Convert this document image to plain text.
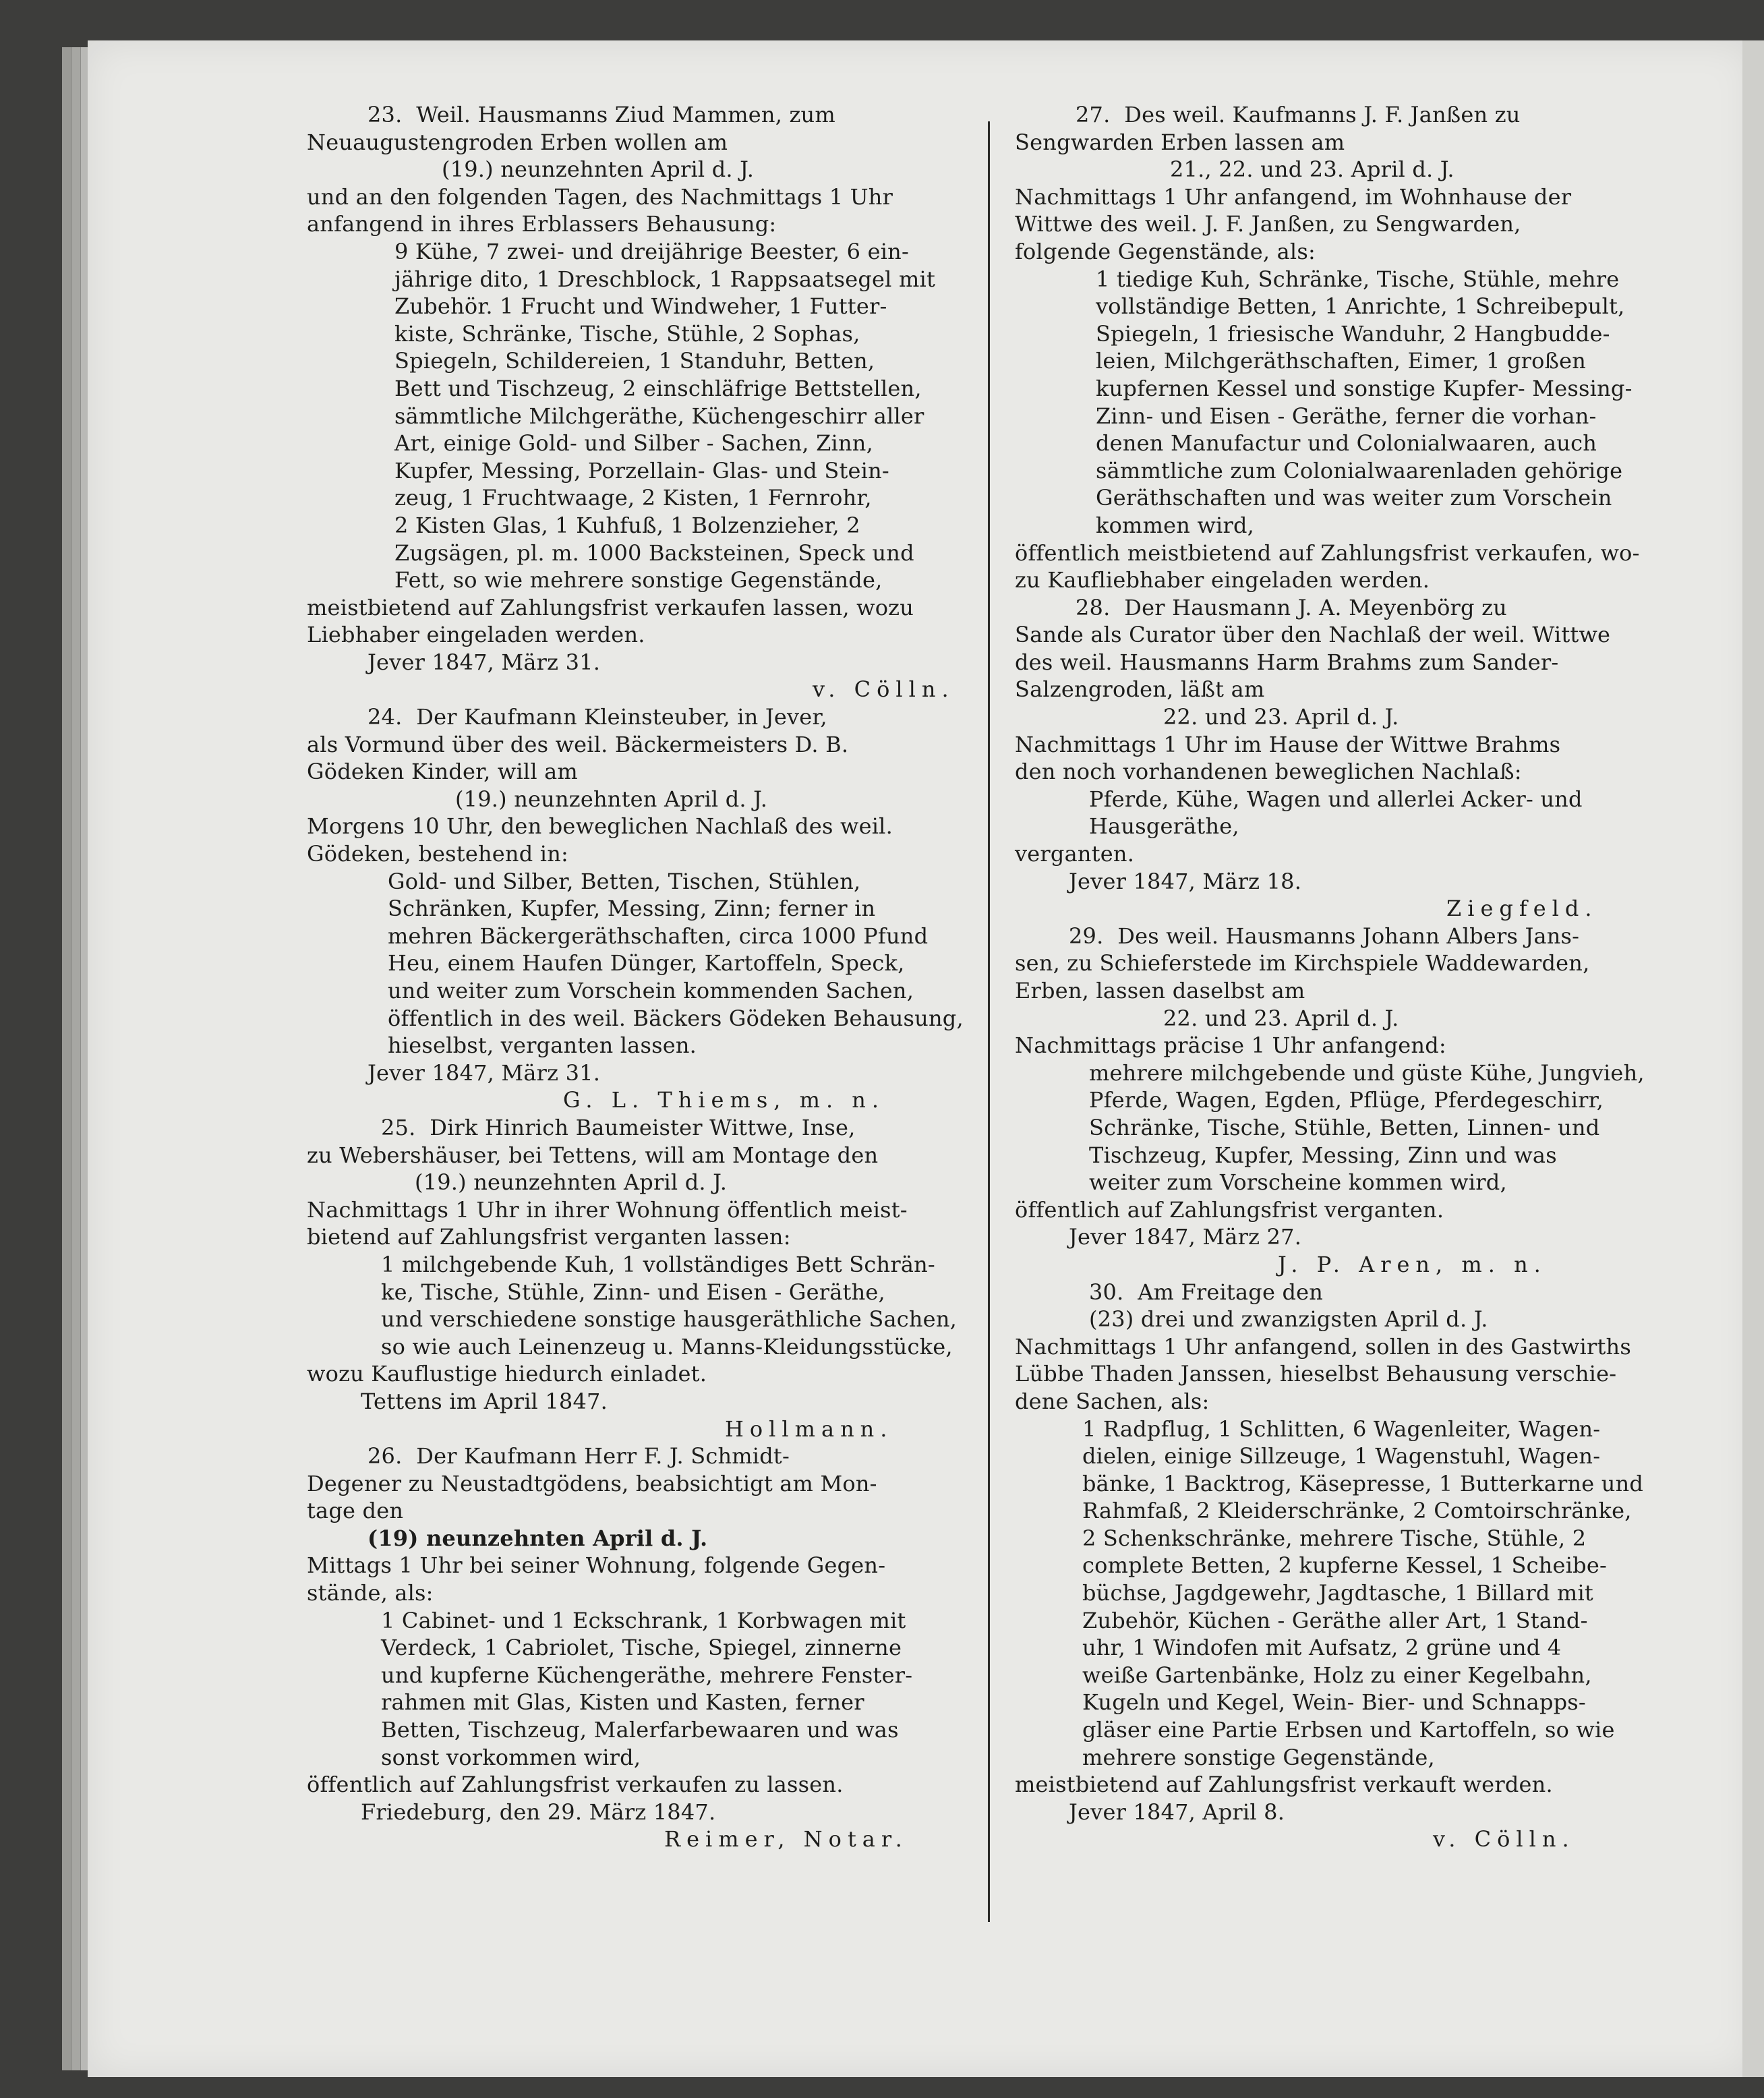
23.  Weil. Hausmanns Ziud Mammen, zum
Neuaugustengroden Erben wollen am
(19.) neunzehnten April d. J.
und an den folgenden Tagen, des Nachmittags 1 Uhr
anfangend in ihres Erblassers Behausung:
9 Kühe, 7 zwei- und dreijährige Beester, 6 ein-
jährige dito, 1 Dreschblock, 1 Rappsaatsegel mit
Zubehör. 1 Frucht und Windweher, 1 Futter-
kiste, Schränke, Tische, Stühle, 2 Sophas,
Spiegeln, Schildereien, 1 Standuhr, Betten,
Bett und Tischzeug, 2 einschläfrige Bettstellen,
sämmtliche Milchgeräthe, Küchengeschirr aller
Art, einige Gold- und Silber - Sachen, Zinn,
Kupfer, Messing, Porzellain- Glas- und Stein-
zeug, 1 Fruchtwaage, 2 Kisten, 1 Fernrohr,
2 Kisten Glas, 1 Kuhfuß, 1 Bolzenzieher, 2
Zugsägen, pl. m. 1000 Backsteinen, Speck und
Fett, so wie mehrere sonstige Gegenstände,
meistbietend auf Zahlungsfrist verkaufen lassen, wozu
Liebhaber eingeladen werden.
Jever 1847, März 31.
v. Cölln.
24.  Der Kaufmann Kleinsteuber, in Jever,
als Vormund über des weil. Bäckermeisters D. B.
Gödeken Kinder, will am
(19.) neunzehnten April d. J.
Morgens 10 Uhr, den beweglichen Nachlaß des weil.
Gödeken, bestehend in:
Gold- und Silber, Betten, Tischen, Stühlen,
Schränken, Kupfer, Messing, Zinn; ferner in
mehren Bäckergeräthschaften, circa 1000 Pfund
Heu, einem Haufen Dünger, Kartoffeln, Speck,
und weiter zum Vorschein kommenden Sachen,
öffentlich in des weil. Bäckers Gödeken Behausung,
hieselbst, verganten lassen.
Jever 1847, März 31.
G. L. Thiems, m. n.
25.  Dirk Hinrich Baumeister Wittwe, Inse,
zu Webershäuser, bei Tettens, will am Montage den
(19.) neunzehnten April d. J.
Nachmittags 1 Uhr in ihrer Wohnung öffentlich meist-
bietend auf Zahlungsfrist verganten lassen:
1 milchgebende Kuh, 1 vollständiges Bett Schrän-
ke, Tische, Stühle, Zinn- und Eisen - Geräthe,
und verschiedene sonstige hausgeräthliche Sachen,
so wie auch Leinenzeug u. Manns-Kleidungsstücke,
wozu Kauflustige hiedurch einladet.
Tettens im April 1847.
Hollmann.
26.  Der Kaufmann Herr F. J. Schmidt-
Degener zu Neustadtgödens, beabsichtigt am Mon-
tage den
(19) neunzehnten April d. J.
Mittags 1 Uhr bei seiner Wohnung, folgende Gegen-
stände, als:
1 Cabinet- und 1 Eckschrank, 1 Korbwagen mit
Verdeck, 1 Cabriolet, Tische, Spiegel, zinnerne
und kupferne Küchengeräthe, mehrere Fenster-
rahmen mit Glas, Kisten und Kasten, ferner
Betten, Tischzeug, Malerfarbewaaren und was
sonst vorkommen wird,
öffentlich auf Zahlungsfrist verkaufen zu lassen.
Friedeburg, den 29. März 1847.
Reimer, Notar.
27.  Des weil. Kaufmanns J. F. Janßen zu
Sengwarden Erben lassen am
21., 22. und 23. April d. J.
Nachmittags 1 Uhr anfangend, im Wohnhause der
Wittwe des weil. J. F. Janßen, zu Sengwarden,
folgende Gegenstände, als:
1 tiedige Kuh, Schränke, Tische, Stühle, mehre
vollständige Betten, 1 Anrichte, 1 Schreibepult,
Spiegeln, 1 friesische Wanduhr, 2 Hangbudde-
leien, Milchgeräthschaften, Eimer, 1 großen
kupfernen Kessel und sonstige Kupfer- Messing-
Zinn- und Eisen - Geräthe, ferner die vorhan-
denen Manufactur und Colonialwaaren, auch
sämmtliche zum Colonialwaarenladen gehörige
Geräthschaften und was weiter zum Vorschein
kommen wird,
öffentlich meistbietend auf Zahlungsfrist verkaufen, wo-
zu Kaufliebhaber eingeladen werden.
28.  Der Hausmann J. A. Meyenbörg zu
Sande als Curator über den Nachlaß der weil. Wittwe
des weil. Hausmanns Harm Brahms zum Sander-
Salzengroden, läßt am
22. und 23. April d. J.
Nachmittags 1 Uhr im Hause der Wittwe Brahms
den noch vorhandenen beweglichen Nachlaß:
Pferde, Kühe, Wagen und allerlei Acker- und
Hausgeräthe,
verganten.
Jever 1847, März 18.
Ziegfeld.
29.  Des weil. Hausmanns Johann Albers Jans-
sen, zu Schieferstede im Kirchspiele Waddewarden,
Erben, lassen daselbst am
22. und 23. April d. J.
Nachmittags präcise 1 Uhr anfangend:
mehrere milchgebende und güste Kühe, Jungvieh,
Pferde, Wagen, Egden, Pflüge, Pferdegeschirr,
Schränke, Tische, Stühle, Betten, Linnen- und
Tischzeug, Kupfer, Messing, Zinn und was
weiter zum Vorscheine kommen wird,
öffentlich auf Zahlungsfrist verganten.
Jever 1847, März 27.
J. P. Aren, m. n.
30.  Am Freitage den
(23) drei und zwanzigsten April d. J.
Nachmittags 1 Uhr anfangend, sollen in des Gastwirths
Lübbe Thaden Janssen, hieselbst Behausung verschie-
dene Sachen, als:
1 Radpflug, 1 Schlitten, 6 Wagenleiter, Wagen-
dielen, einige Sillzeuge, 1 Wagenstuhl, Wagen-
bänke, 1 Backtrog, Käsepresse, 1 Butterkarne und
Rahmfaß, 2 Kleiderschränke, 2 Comtoirschränke,
2 Schenkschränke, mehrere Tische, Stühle, 2
complete Betten, 2 kupferne Kessel, 1 Scheibe-
büchse, Jagdgewehr, Jagdtasche, 1 Billard mit
Zubehör, Küchen - Geräthe aller Art, 1 Stand-
uhr, 1 Windofen mit Aufsatz, 2 grüne und 4
weiße Gartenbänke, Holz zu einer Kegelbahn,
Kugeln und Kegel, Wein- Bier- und Schnapps-
gläser eine Partie Erbsen und Kartoffeln, so wie
mehrere sonstige Gegenstände,
meistbietend auf Zahlungsfrist verkauft werden.
Jever 1847, April 8.
v. Cölln.
